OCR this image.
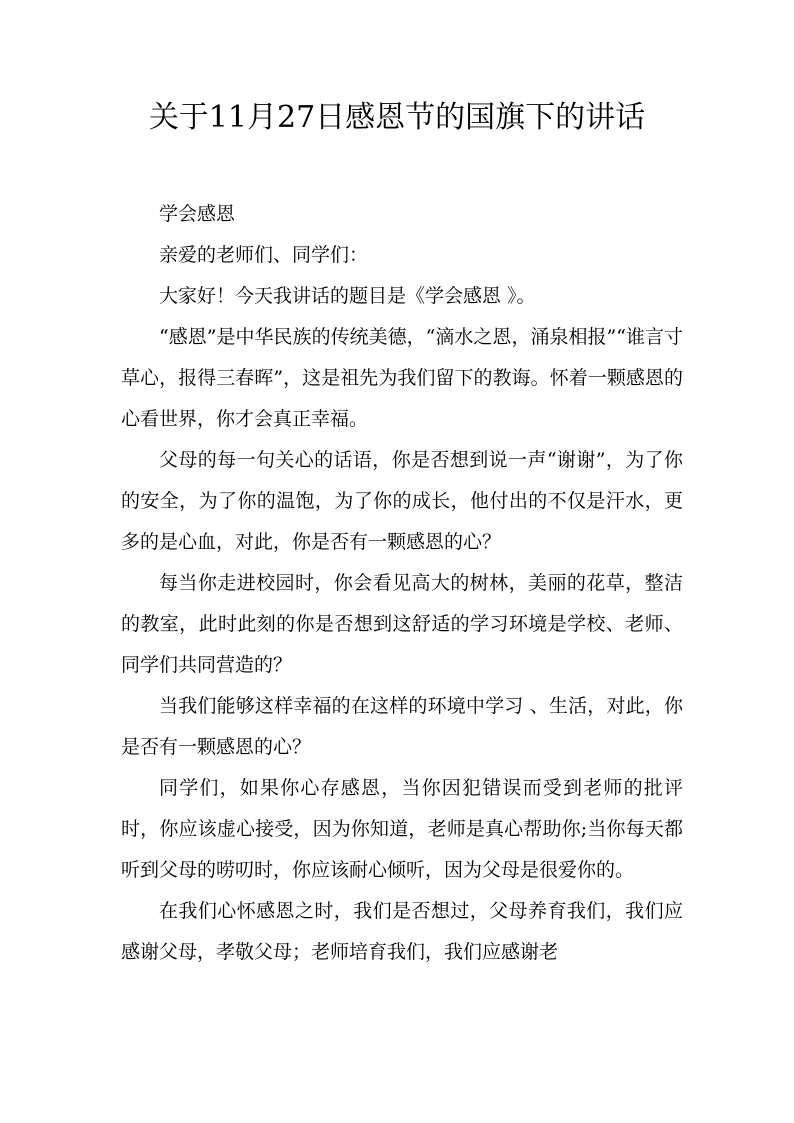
关于11月27日感恩节的国旗下的讲话

学会感恩

亲爱的老师们、同学们：

大家好！今天我讲话的题目是《学会感恩 》。

“感恩”是中华民族的传统美德，“滴水之恩，涌泉相报”“谁言寸草心，报得三春晖”，这是祖先为我们留下的教诲。怀着一颗感恩的心看世界，你才会真正幸福。

父母的每一句关心的话语，你是否想到说一声“谢谢”，为了你的安全，为了你的温饱，为了你的成长，他付出的不仅是汗水，更多的是心血，对此，你是否有一颗感恩的心？

每当你走进校园时，你会看见高大的树林，美丽的花草，整洁的教室，此时此刻的你是否想到这舒适的学习环境是学校、老师、同学们共同营造的？

当我们能够这样幸福的在这样的环境中学习 、生活，对此，你是否有一颗感恩的心？

同学们，如果你心存感恩，当你因犯错误而受到老师的批评时，你应该虚心接受，因为你知道，老师是真心帮助你;当你每天都听到父母的唠叨时，你应该耐心倾听，因为父母是很爱你的。

在我们心怀感恩之时，我们是否想过，父母养育我们，我们应感谢父母，孝敬父母；老师培育我们，我们应感谢老
